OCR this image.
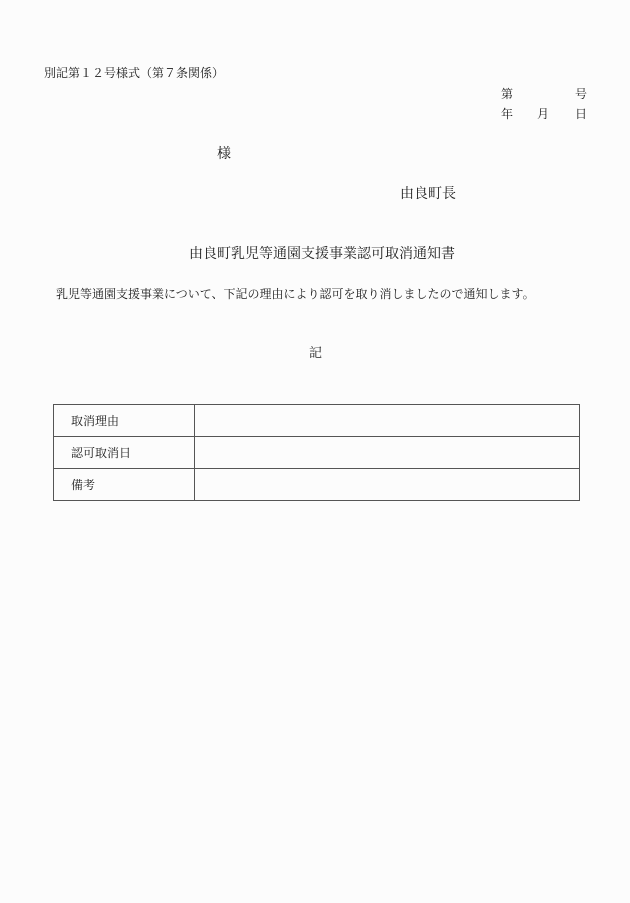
別記第１２号様式（第７条関係）
第	号
年 月 日
様
由良町長
由良町乳児等通園支援事業認可取消通知書
乳児等通園支援事業について、下記の理由により認可を取り消しましたので通知します。
記
取消理由	
認可取消日	
備考	
